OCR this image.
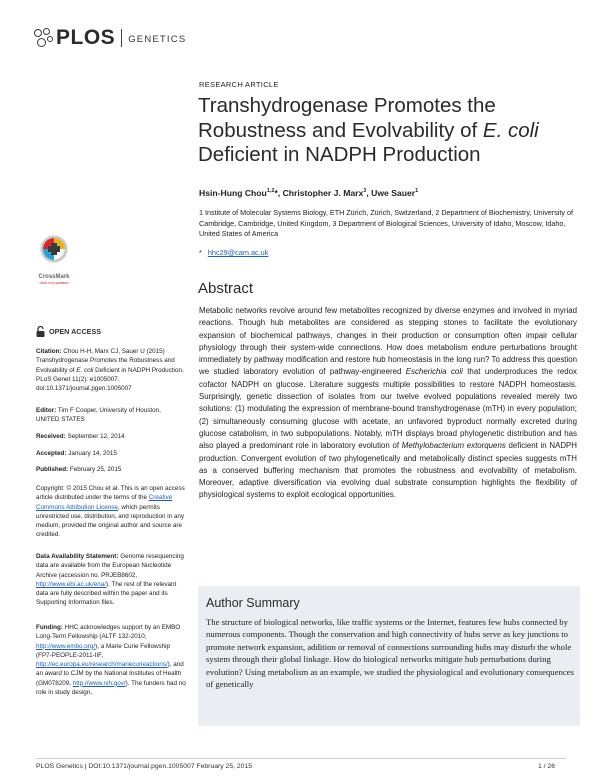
PLOS GENETICS
RESEARCH ARTICLE
Transhydrogenase Promotes the Robustness and Evolvability of E. coli Deficient in NADPH Production
Hsin-Hung Chou$^{1,2}$*, Christopher J. Marx$^3$, Uwe Sauer$^1$
1 Institute of Molecular Systems Biology, ETH Zürich, Zürich, Switzerland, 2 Department of Biochemistry, University of Cambridge, Cambridge, United Kingdom, 3 Department of Biological Sciences, University of Idaho, Moscow, Idaho, United States of America
* hhc29@cam.ac.uk
Abstract

Metabolic networks revolve around few metabolites recognized by diverse enzymes and involved in myriad reactions. Though hub metabolites are considered as stepping stones to facilitate the evolutionary expansion of biochemical pathways, changes in their production or consumption often impair cellular physiology through their system-wide connections. How does metabolism endure perturbations brought immediately by pathway modification and restore hub homeostasis in the long run? To address this question we studied laboratory evolution of pathway-engineered Escherichia coli that underproduces the redox cofactor NADPH on glucose. Literature suggests multiple possibilities to restore NADPH homeostasis. Surprisingly, genetic dissection of isolates from our twelve evolved populations revealed merely two solutions: (1) modulating the expression of membrane-bound transhydrogenase (mTH) in every population; (2) simultaneously consuming glucose with acetate, an unfavored byproduct normally excreted during glucose catabolism, in two subpopulations. Notably, mTH displays broad phylogenetic distribution and has also played a predominant role in laboratory evolution of Methylobacterium extorquens deficient in NADPH production. Convergent evolution of two phylogenetically and metabolically distinct species suggests mTH as a conserved buffering mechanism that promotes the robustness and evolvability of metabolism. Moreover, adaptive diversification via evolving dual substrate consumption highlights the flexibility of physiological systems to exploit ecological opportunities.

Author Summary
The structure of biological networks, like traffic systems or the Internet, features few hubs connected by numerous components. Though the conservation and high connectivity of hubs serve as key junctions to promote network expansion, addition or removal of connections surrounding hubs may disturb the whole system through their global linkage. How do biological networks mitigate hub perturbations during evolution? Using metabolism as an example, we studied the physiological and evolutionary consequences of genetically
CrossMark
click for updates
OPEN ACCESS
Citation: Chou H-H, Marx CJ, Sauer U (2015) Transhydrogenase Promotes the Robustness and Evolvability of E. coli Deficient in NADPH Production. PLoS Genet 11(2): e1005007. doi:10.1371/journal.pgen.1005007
Editor: Tim F Cooper, University of Houston, UNITED STATES
Received: September 12, 2014
Accepted: January 14, 2015
Published: February 25, 2015
Copyright: © 2015 Chou et al. This is an open access article distributed under the terms of the Creative Commons Attribution License, which permits unrestricted use, distribution, and reproduction in any medium, provided the original author and source are credited.
Data Availability Statement: Genome resequencing data are available from the European Nucleotide Archive (accession no. PRJEB8602, http://www.ebi.ac.uk/ena/). The rest of the relevant data are fully described within the paper and its Supporting Information files.
Funding: HHC acknowledges support by an EMBO Long-Term Fellowship (ALTF 132-2010, http://www.embo.org/), a Marie Curie Fellowship (FP7-PEOPLE-2011-IIF, http://ec.europa.eu/research/mariecurieactions/), and an award to CJM by the National Institutes of Health (GM078209, http://www.nih.gov/). The funders had no role in study design,
PLOS Genetics | DOI:10.1371/journal.pgen.1005007 February 25, 2015	1 / 26
